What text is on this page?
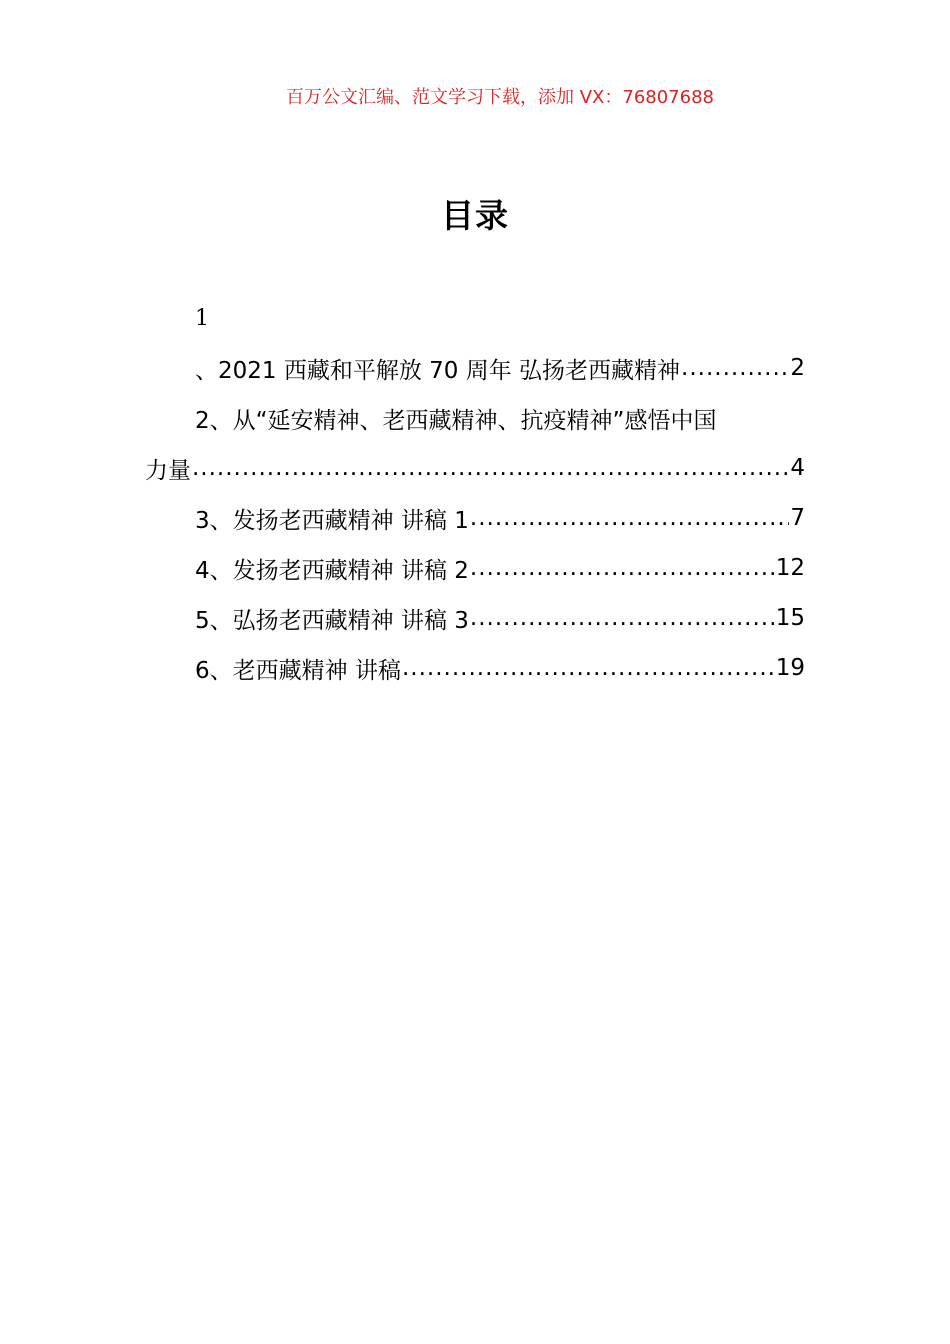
百万公文汇编、范文学习下载，添加 VX：76807688
目录
1
、2021 西藏和平解放 70 周年 弘扬老西藏精神 .....	2
2、从“延安精神、老西藏精神、抗疫精神”感悟中国
力量 .....	4
3、发扬老西藏精神 讲稿 1 .....	7
4、发扬老西藏精神 讲稿 2 .....	12
5、弘扬老西藏精神 讲稿 3 .....	15
6、老西藏精神 讲稿 .....	19
